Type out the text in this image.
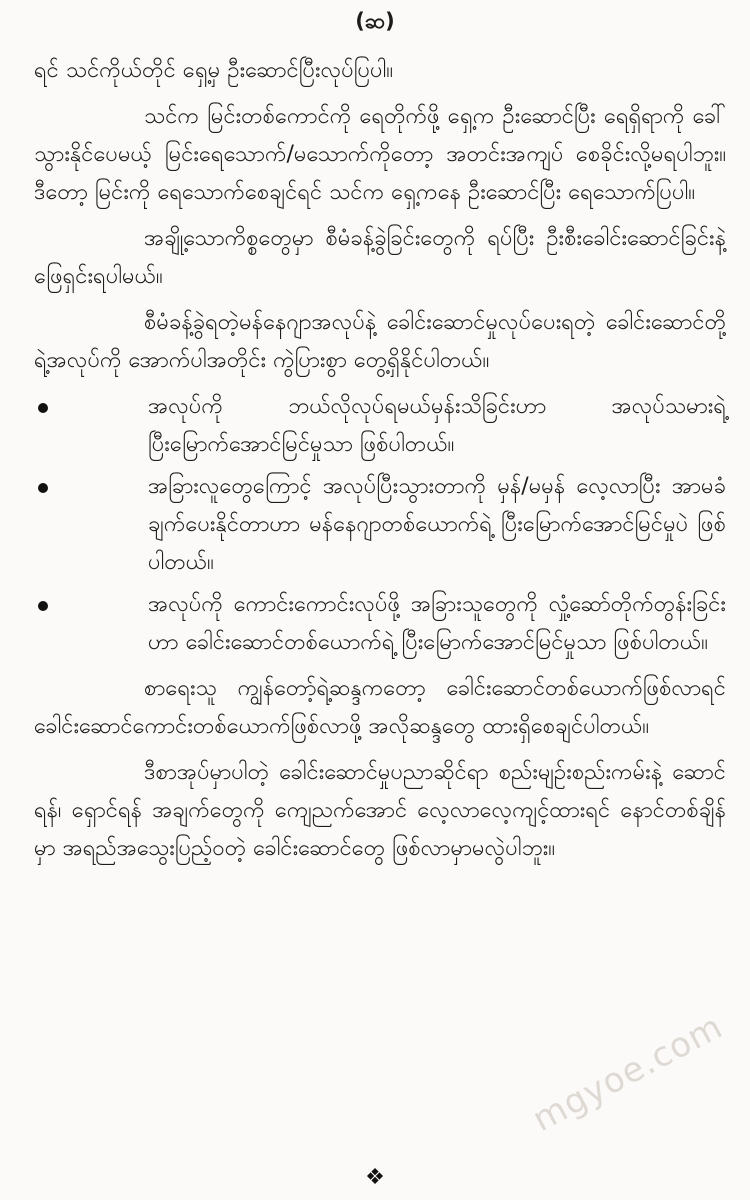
(ဆ)

ရင် သင်ကိုယ်တိုင် ရှေ့မှ ဦးဆောင်ပြီးလုပ်ပြပါ။

သင်က မြင်းတစ်ကောင်ကို ရေတိုက်ဖို့ ရှေ့က ဦးဆောင်ပြီး ရေရှိရာကို ခေါ်သွားနိုင်ပေမယ့် မြင်းရေသောက်/မသောက်ကိုတော့ အတင်းအကျပ် စေခိုင်းလို့မရပါဘူး။ ဒီတော့ မြင်းကို ရေသောက်စေချင်ရင် သင်က ရှေ့ကနေ ဦးဆောင်ပြီး ရေသောက်ပြပါ။

အချို့သောကိစ္စတွေမှာ စီမံခန့်ခွဲခြင်းတွေကို ရပ်ပြီး ဦးစီးခေါင်းဆောင်ခြင်းနဲ့ ဖြေရှင်းရပါမယ်။

စီမံခန့်ခွဲရတဲ့မန်နေဂျာအလုပ်နဲ့ ခေါင်းဆောင်မှုလုပ်ပေးရတဲ့ ခေါင်းဆောင်တို့ရဲ့အလုပ်ကို အောက်ပါအတိုင်း ကွဲပြားစွာ တွေ့ရှိနိုင်ပါတယ်။

အလုပ်ကို ဘယ်လိုလုပ်ရမယ်မှန်းသိခြင်းဟာ အလုပ်သမားရဲ့ ပြီးမြောက်အောင်မြင်မှုသာ ဖြစ်ပါတယ်။
အခြားလူတွေကြောင့် အလုပ်ပြီးသွားတာကို မှန်/မမှန် လေ့လာပြီး အာမခံချက်ပေးနိုင်တာဟာ မန်နေဂျာတစ်ယောက်ရဲ့ ပြီးမြောက်အောင်မြင်မှုပဲ ဖြစ်ပါတယ်။
အလုပ်ကို ကောင်းကောင်းလုပ်ဖို့ အခြားသူတွေကို လှုံ့ဆော်တိုက်တွန်းခြင်းဟာ ခေါင်းဆောင်တစ်ယောက်ရဲ့ ပြီးမြောက်အောင်မြင်မှုသာ ဖြစ်ပါတယ်။

စာရေးသူ ကျွန်တော့်ရဲ့ဆန္ဒကတော့ ခေါင်းဆောင်တစ်ယောက်ဖြစ်လာရင် ခေါင်းဆောင်ကောင်းတစ်ယောက်ဖြစ်လာဖို့ အလိုဆန္ဒတွေ ထားရှိစေချင်ပါတယ်။

ဒီစာအုပ်မှာပါတဲ့ ခေါင်းဆောင်မှုပညာဆိုင်ရာ စည်းမျဉ်းစည်းကမ်းနဲ့ ဆောင်ရန်၊ ရှောင်ရန် အချက်တွေကို ကျေညက်အောင် လေ့လာလေ့ကျင့်ထားရင် နောင်တစ်ချိန်မှာ အရည်အသွေးပြည့်ဝတဲ့ ခေါင်းဆောင်တွေ ဖြစ်လာမှာမလွဲပါဘူး။

❖
mgyoe.com
